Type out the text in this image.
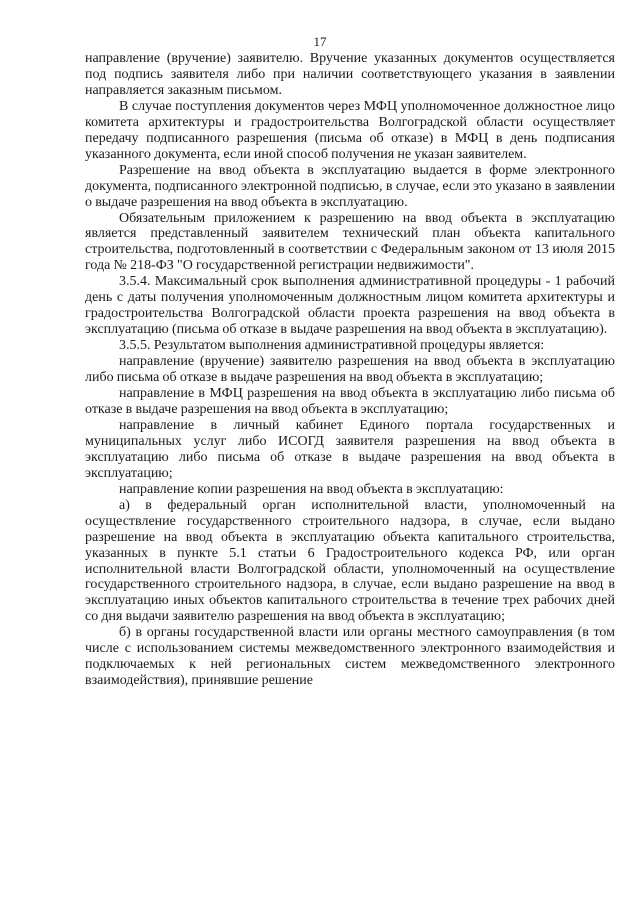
17

направление (вручение) заявителю. Вручение указанных документов осуществляется под подпись заявителя либо при наличии соответствующего указания в заявлении направляется заказным письмом.

В случае поступления документов через МФЦ уполномоченное должностное лицо комитета архитектуры и градостроительства Волгоградской области осуществляет передачу подписанного разрешения (письма об отказе) в МФЦ в день подписания указанного документа, если иной способ получения не указан заявителем.

Разрешение на ввод объекта в эксплуатацию выдается в форме электронного документа, подписанного электронной подписью, в случае, если это указано в заявлении о выдаче разрешения на ввод объекта в эксплуатацию.

Обязательным приложением к разрешению на ввод объекта в эксплуатацию является представленный заявителем технический план объекта капитального строительства, подготовленный в соответствии с Федеральным законом от 13 июля 2015 года № 218-ФЗ "О государственной регистрации недвижимости".

3.5.4. Максимальный срок выполнения административной процедуры - 1 рабочий день с даты получения уполномоченным должностным лицом комитета архитектуры и градостроительства Волгоградской области проекта разрешения на ввод объекта в эксплуатацию (письма об отказе в выдаче разрешения на ввод объекта в эксплуатацию).

3.5.5. Результатом выполнения административной процедуры является:

направление (вручение) заявителю разрешения на ввод объекта в эксплуатацию либо письма об отказе в выдаче разрешения на ввод объекта в эксплуатацию;

направление в МФЦ разрешения на ввод объекта в эксплуатацию либо письма об отказе в выдаче разрешения на ввод объекта в эксплуатацию;

направление в личный кабинет Единого портала государственных и муниципальных услуг либо ИСОГД заявителя разрешения на ввод объекта в эксплуатацию либо письма об отказе в выдаче разрешения на ввод объекта в эксплуатацию;

направление копии разрешения на ввод объекта в эксплуатацию:

а) в федеральный орган исполнительной власти, уполномоченный на осуществление государственного строительного надзора, в случае, если выдано разрешение на ввод объекта в эксплуатацию объекта капитального строительства, указанных в пункте 5.1 статьи 6 Градостроительного кодекса РФ, или орган исполнительной власти Волгоградской области, уполномоченный на осуществление государственного строительного надзора, в случае, если выдано разрешение на ввод в эксплуатацию иных объектов капитального строительства в течение трех рабочих дней со дня выдачи заявителю разрешения на ввод объекта в эксплуатацию;

б) в органы государственной власти или органы местного самоуправления (в том числе с использованием системы межведомственного электронного взаимодействия и подключаемых к ней региональных систем межведомственного электронного взаимодействия), принявшие решение
